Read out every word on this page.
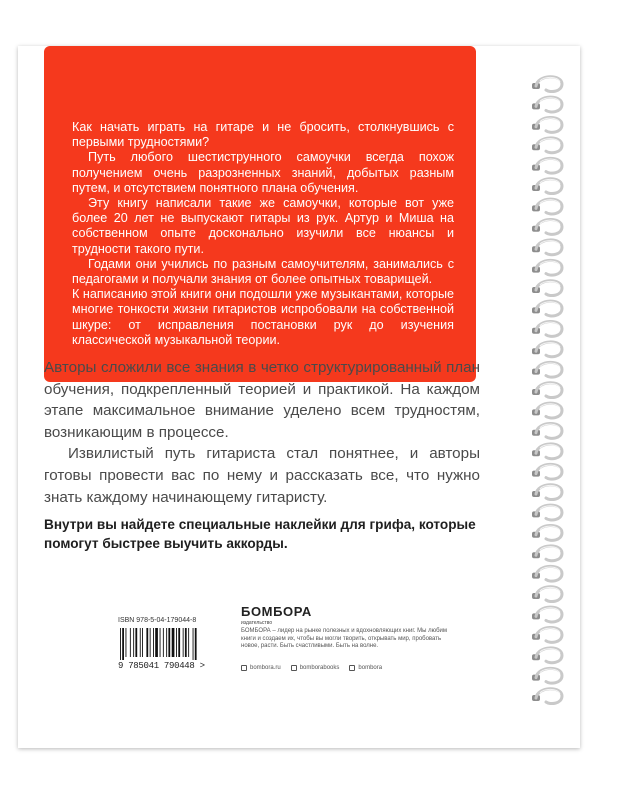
Как начать играть на гитаре и не бросить, столкнувшись с первыми трудностями?

Путь любого шестиструнного самоучки всегда похож получением очень разрозненных знаний, добытых разным путем, и отсутствием понятного плана обучения.

Эту книгу написали такие же самоучки, которые вот уже более 20 лет не выпускают гитары из рук. Артур и Миша на собственном опыте досконально изучили все нюансы и трудности такого пути.

Годами они учились по разным самоучителям, занимались с педагогами и получали знания от более опытных товарищей.

К написанию этой книги они подошли уже музыкантами, которые многие тонкости жизни гитаристов испробовали на собственной шкуре: от исправления постановки рук до изучения классической музыкальной теории.

Авторы сложили все знания в четко структурированный план обучения, подкрепленный теорией и практикой. На каждом этапе максимальное внимание уделено всем трудностям, возникающим в процессе.

Извилистый путь гитариста стал понятнее, и авторы готовы провести вас по нему и рассказать все, что нужно знать каждому начинающему гитаристу.

Внутри вы найдете специальные наклейки для грифа, которые помогут быстрее выучить аккорды.
ISBN 978-5-04-179044-8
9 785041 790448 >
БОМБОРА
издательство
БОМБОРА – лидер на рынке полезных и вдохновляющих книг. Мы любим книги и создаем их, чтобы вы могли творить, открывать мир, пробовать новое, расти. Быть счастливыми. Быть на волне.
bombora.ru	bomborabooks	bombora
